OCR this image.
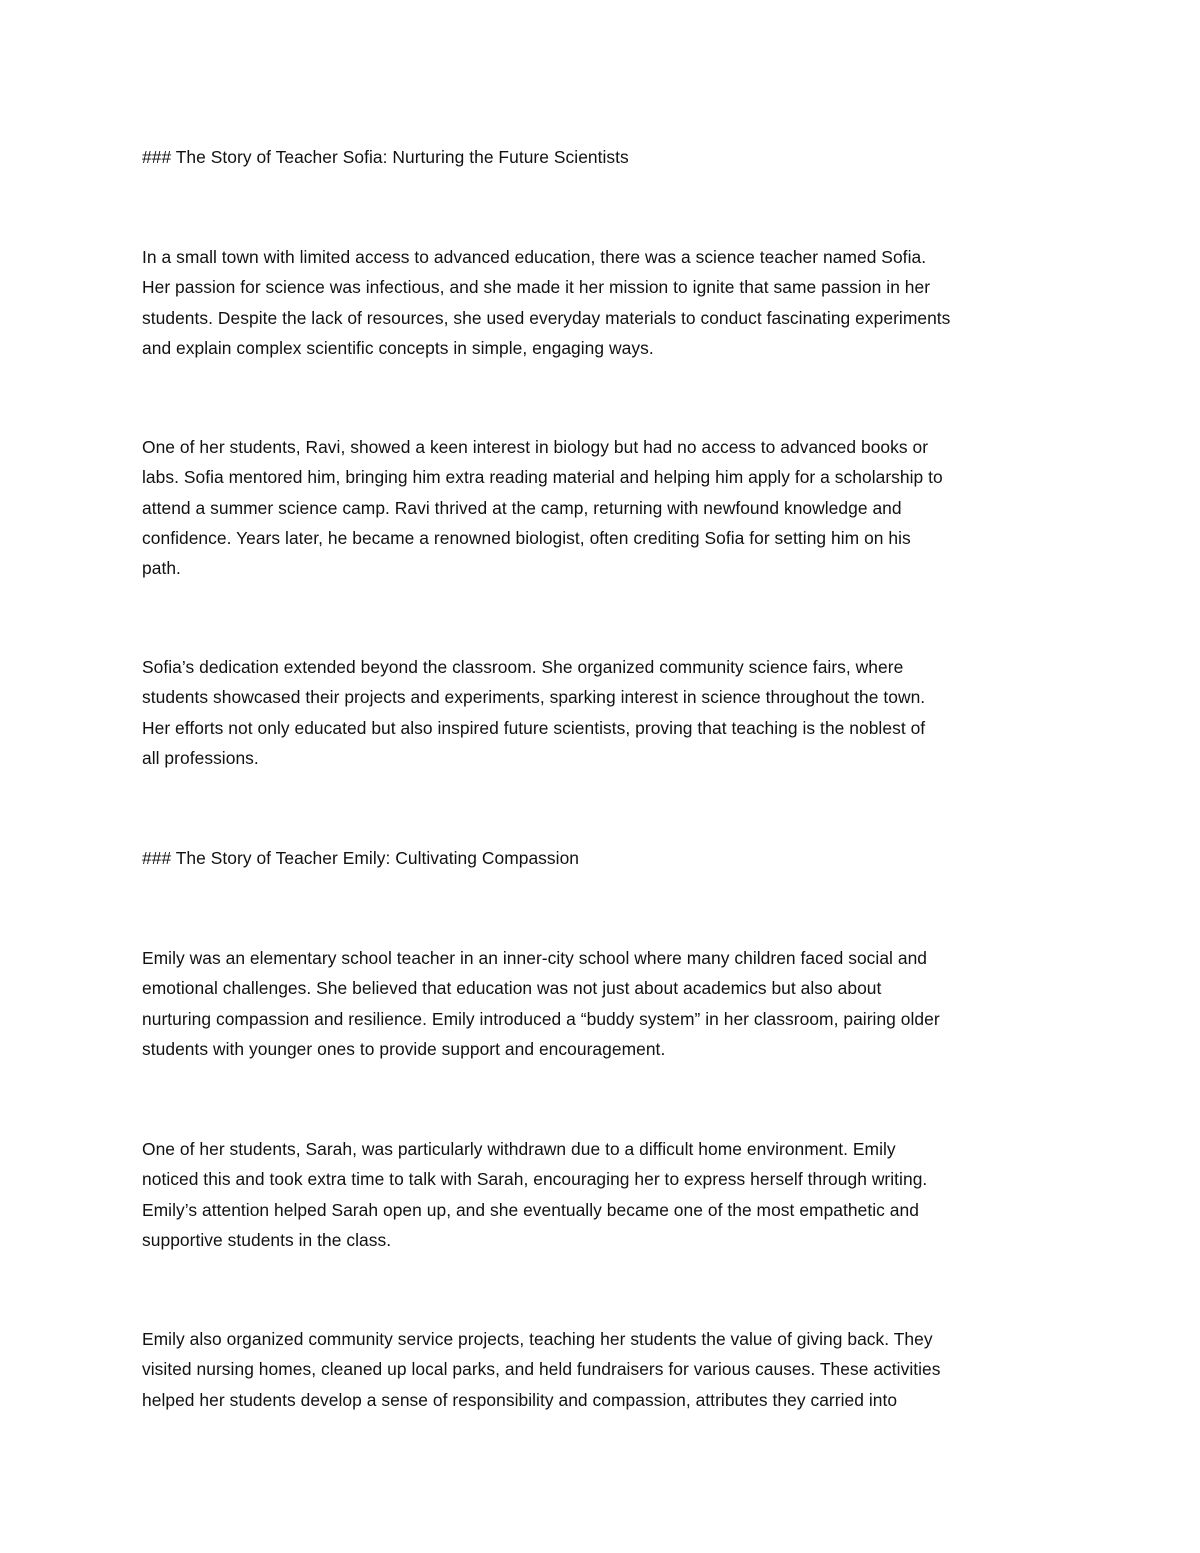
### The Story of Teacher Sofia: Nurturing the Future Scientists

In a small town with limited access to advanced education, there was a science teacher named Sofia.
Her passion for science was infectious, and she made it her mission to ignite that same passion in her
students. Despite the lack of resources, she used everyday materials to conduct fascinating experiments
and explain complex scientific concepts in simple, engaging ways.

One of her students, Ravi, showed a keen interest in biology but had no access to advanced books or
labs. Sofia mentored him, bringing him extra reading material and helping him apply for a scholarship to
attend a summer science camp. Ravi thrived at the camp, returning with newfound knowledge and
confidence. Years later, he became a renowned biologist, often crediting Sofia for setting him on his
path.

Sofia’s dedication extended beyond the classroom. She organized community science fairs, where
students showcased their projects and experiments, sparking interest in science throughout the town.
Her efforts not only educated but also inspired future scientists, proving that teaching is the noblest of
all professions.

### The Story of Teacher Emily: Cultivating Compassion

Emily was an elementary school teacher in an inner-city school where many children faced social and
emotional challenges. She believed that education was not just about academics but also about
nurturing compassion and resilience. Emily introduced a “buddy system” in her classroom, pairing older
students with younger ones to provide support and encouragement.

One of her students, Sarah, was particularly withdrawn due to a difficult home environment. Emily
noticed this and took extra time to talk with Sarah, encouraging her to express herself through writing.
Emily’s attention helped Sarah open up, and she eventually became one of the most empathetic and
supportive students in the class.

Emily also organized community service projects, teaching her students the value of giving back. They
visited nursing homes, cleaned up local parks, and held fundraisers for various causes. These activities
helped her students develop a sense of responsibility and compassion, attributes they carried into
